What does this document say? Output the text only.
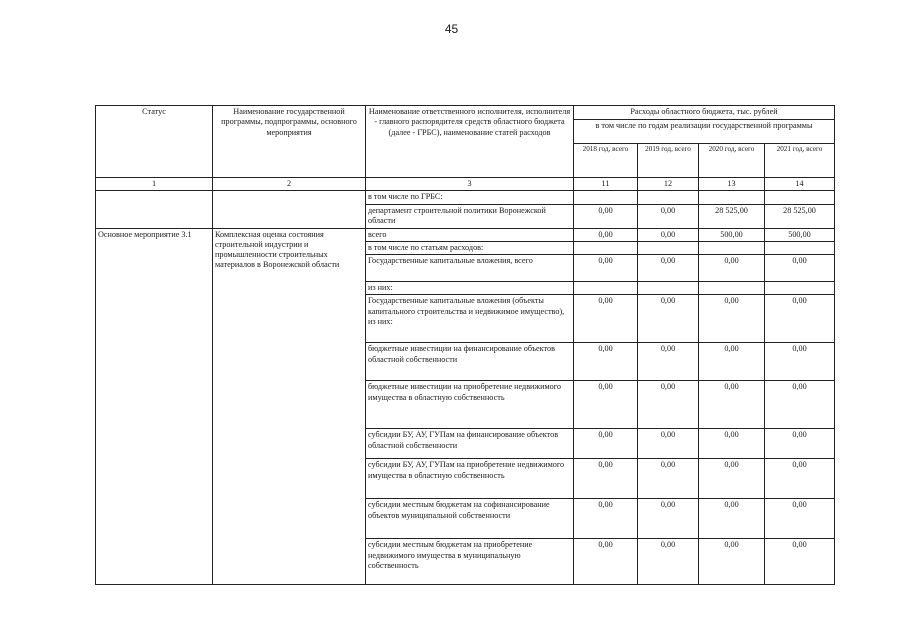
45
Статус	Наименование государственной программы, подпрограммы, основного мероприятия	Наименование ответственного исполнителя, исполнителя - главного распорядителя средств областного бюджета (далее - ГРБС), наименование статей расходов	Расходы областного бюджета, тыс. рублей			
			в том числе по годам реализации государственной программы			
			2018 год, всего	2019 год, всего	2020 год, всего	2021 год, всего
1	2	3	11	12	13	14
		в том числе по ГРБС:				
		департамент строительной политики Воронежской области	0,00	0,00	28 525,00	28 525,00
Основное мероприятие 3.1	Комплексная оценка состояния строительной индустрии и промышленности строительных материалов в Воронежской области	всего	0,00	0,00	500,00	500,00
		в том числе по статьям расходов:				
		Государственные капитальные вложения, всего	0,00	0,00	0,00	0,00
		из них:				
		Государственные капитальные вложения (объекты капитального строительства и недвижимое имущество), из них:	0,00	0,00	0,00	0,00
		бюджетные инвестиции на финансирование объектов областной собственности	0,00	0,00	0,00	0,00
		бюджетные инвестиции на приобретение недвижимого имущества в областную собственность	0,00	0,00	0,00	0,00
		субсидии БУ, АУ, ГУПам на финансирование объектов областной собственности	0,00	0,00	0,00	0,00
		субсидии БУ, АУ, ГУПам на приобретение недвижимого имущества в областную собственность	0,00	0,00	0,00	0,00
		субсидии местным бюджетам на софинансирование объектов муниципальной собственности	0,00	0,00	0,00	0,00
		субсидии местным бюджетам на приобретение недвижимого имущества в муниципальную собственность	0,00	0,00	0,00	0,00
